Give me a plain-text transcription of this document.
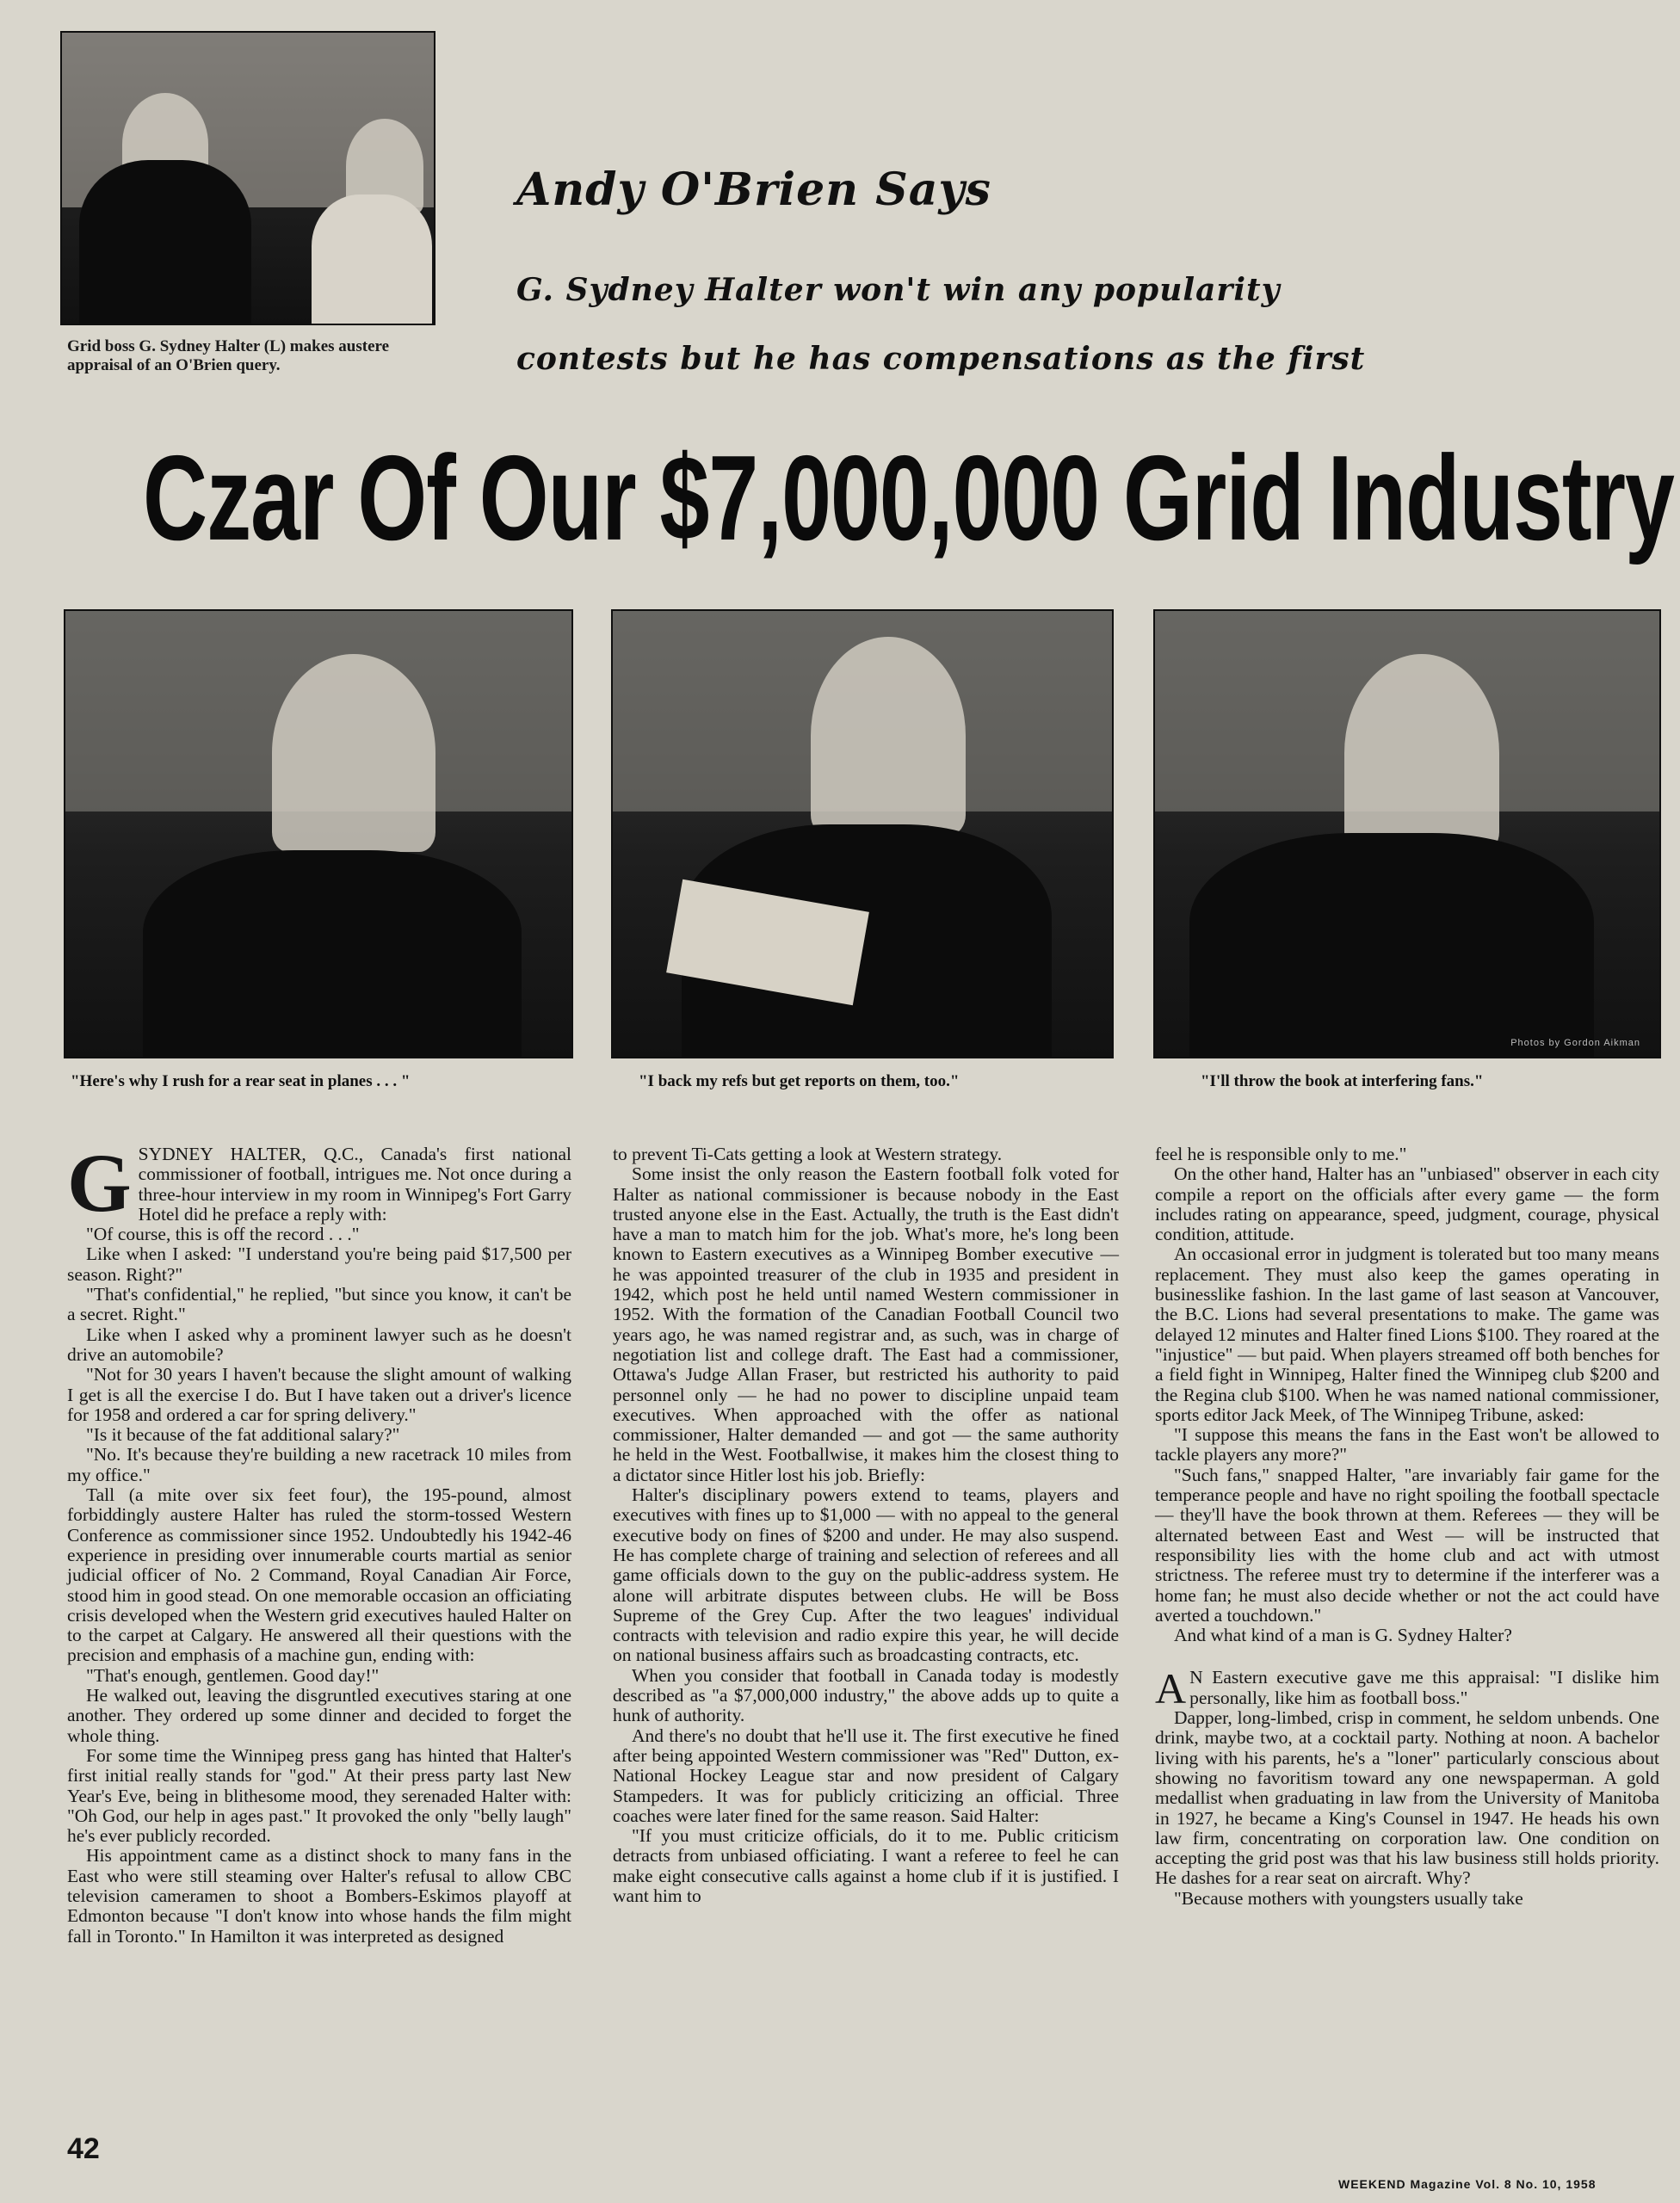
Grid boss G. Sydney Halter (L) makes austere appraisal of an O'Brien query.
Andy O'Brien Says
G. Sydney Halter won't win any popularity
contests but he has compensations as the first
Czar Of Our $7,000,000 Grid Industry
Photos by Gordon Aikman
"Here's why I rush for a rear seat in planes . . . "	"I back my refs but get reports on them, too."	"I'll throw the book at interfering fans."
G SYDNEY HALTER, Q.C., Canada's first national commissioner of football, intrigues me. Not once during a three-hour interview in my room in Winnipeg's Fort Garry Hotel did he preface a reply with:

"Of course, this is off the record . . ."

Like when I asked: "I understand you're being paid $17,500 per season. Right?"

"That's confidential," he replied, "but since you know, it can't be a secret. Right."

Like when I asked why a prominent lawyer such as he doesn't drive an automobile?

"Not for 30 years I haven't because the slight amount of walking I get is all the exercise I do. But I have taken out a driver's licence for 1958 and ordered a car for spring delivery."

"Is it because of the fat additional salary?"

"No. It's because they're building a new racetrack 10 miles from my office."

Tall (a mite over six feet four), the 195-pound, almost forbiddingly austere Halter has ruled the storm-tossed Western Conference as commissioner since 1952. Undoubtedly his 1942-46 experience in presiding over innumerable courts martial as senior judicial officer of No. 2 Command, Royal Canadian Air Force, stood him in good stead. On one memorable occasion an officiating crisis developed when the Western grid executives hauled Halter on to the carpet at Calgary. He answered all their questions with the precision and emphasis of a machine gun, ending with:

"That's enough, gentlemen. Good day!"

He walked out, leaving the disgruntled executives staring at one another. They ordered up some dinner and decided to forget the whole thing.

For some time the Winnipeg press gang has hinted that Halter's first initial really stands for "god." At their press party last New Year's Eve, being in blithesome mood, they serenaded Halter with: "Oh God, our help in ages past." It provoked the only "belly laugh" he's ever publicly recorded.

His appointment came as a distinct shock to many fans in the East who were still steaming over Halter's refusal to allow CBC television cameramen to shoot a Bombers-Eskimos playoff at Edmonton because "I don't know into whose hands the film might fall in Toronto." In Hamilton it was interpreted as designed

to prevent Ti-Cats getting a look at Western strategy.

Some insist the only reason the Eastern football folk voted for Halter as national commissioner is because nobody in the East trusted anyone else in the East. Actually, the truth is the East didn't have a man to match him for the job. What's more, he's long been known to Eastern executives as a Winnipeg Bomber executive — he was appointed treasurer of the club in 1935 and president in 1942, which post he held until named Western commissioner in 1952. With the formation of the Canadian Football Council two years ago, he was named registrar and, as such, was in charge of negotiation list and college draft. The East had a commissioner, Ottawa's Judge Allan Fraser, but restricted his authority to paid personnel only — he had no power to discipline unpaid team executives. When approached with the offer as national commissioner, Halter demanded — and got — the same authority he held in the West. Footballwise, it makes him the closest thing to a dictator since Hitler lost his job. Briefly:

Halter's disciplinary powers extend to teams, players and executives with fines up to $1,000 — with no appeal to the general executive body on fines of $200 and under. He may also suspend. He has complete charge of training and selection of referees and all game officials down to the guy on the public-address system. He alone will arbitrate disputes between clubs. He will be Boss Supreme of the Grey Cup. After the two leagues' individual contracts with television and radio expire this year, he will decide on national business affairs such as broadcasting contracts, etc.

When you consider that football in Canada today is modestly described as "a $7,000,000 industry," the above adds up to quite a hunk of authority.

And there's no doubt that he'll use it. The first executive he fined after being appointed Western commissioner was "Red" Dutton, ex-National Hockey League star and now president of Calgary Stampeders. It was for publicly criticizing an official. Three coaches were later fined for the same reason. Said Halter:

"If you must criticize officials, do it to me. Public criticism detracts from unbiased officiating. I want a referee to feel he can make eight consecutive calls against a home club if it is justified. I want him to

feel he is responsible only to me."

On the other hand, Halter has an "unbiased" observer in each city compile a report on the officials after every game — the form includes rating on appearance, speed, judgment, courage, physical condition, attitude.

An occasional error in judgment is tolerated but too many means replacement. They must also keep the games operating in businesslike fashion. In the last game of last season at Vancouver, the B.C. Lions had several presentations to make. The game was delayed 12 minutes and Halter fined Lions $100. They roared at the "injustice" — but paid. When players streamed off both benches for a field fight in Winnipeg, Halter fined the Winnipeg club $200 and the Regina club $100. When he was named national commissioner, sports editor Jack Meek, of The Winnipeg Tribune, asked:

"I suppose this means the fans in the East won't be allowed to tackle players any more?"

"Such fans," snapped Halter, "are invariably fair game for the temperance people and have no right spoiling the football spectacle — they'll have the book thrown at them. Referees — they will be alternated between East and West — will be instructed that responsibility lies with the home club and act with utmost strictness. The referee must try to determine if the interferer was a home fan; he must also decide whether or not the act could have averted a touchdown."

And what kind of a man is G. Sydney Halter?

A N Eastern executive gave me this appraisal: "I dislike him personally, like him as football boss."

Dapper, long-limbed, crisp in comment, he seldom unbends. One drink, maybe two, at a cocktail party. Nothing at noon. A bachelor living with his parents, he's a "loner" particularly conscious about showing no favoritism toward any one newspaperman. A gold medallist when graduating in law from the University of Manitoba in 1927, he became a King's Counsel in 1947. He heads his own law firm, concentrating on corporation law. One condition on accepting the grid post was that his law business still holds priority. He dashes for a rear seat on aircraft. Why?

"Because mothers with youngsters usually take

42
WEEKEND Magazine Vol. 8 No. 10, 1958
